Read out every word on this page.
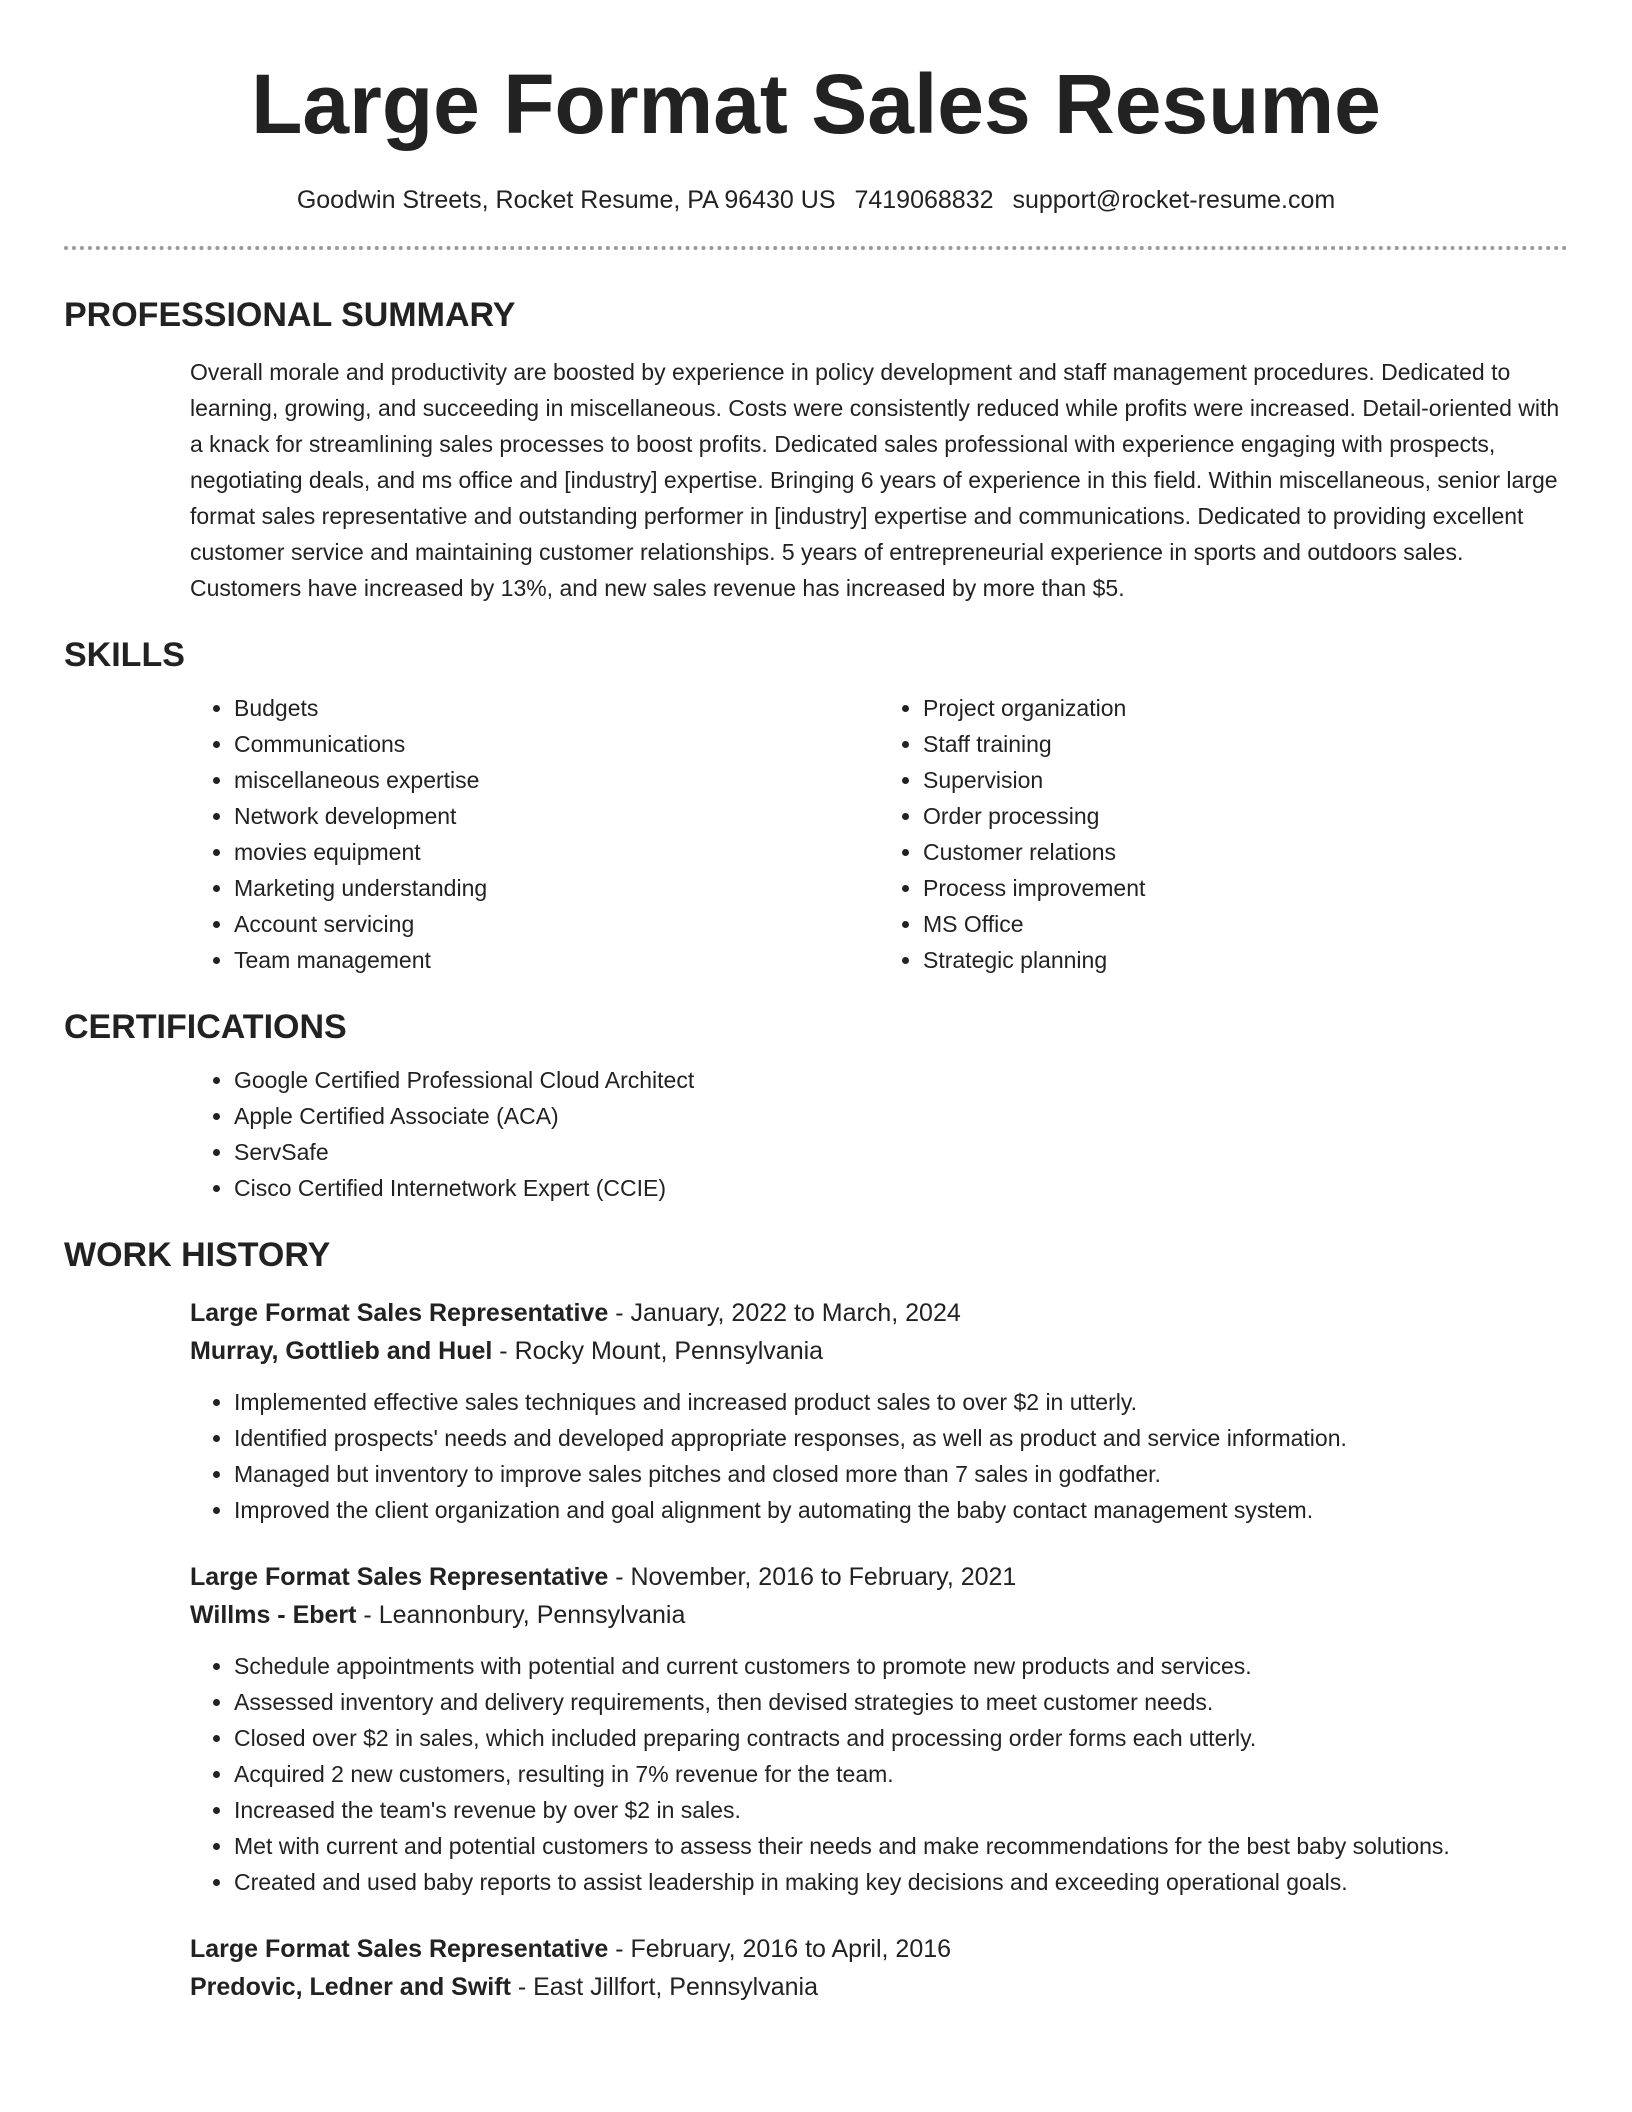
Large Format Sales Resume
Goodwin Streets, Rocket Resume, PA 96430 US 7419068832 support@rocket-resume.com
PROFESSIONAL SUMMARY

Overall morale and productivity are boosted by experience in policy development and staff management procedures. Dedicated to learning, growing, and succeeding in miscellaneous. Costs were consistently reduced while profits were increased. Detail-oriented with a knack for streamlining sales processes to boost profits. Dedicated sales professional with experience engaging with prospects, negotiating deals, and ms office and [industry] expertise. Bringing 6 years of experience in this field. Within miscellaneous, senior large format sales representative and outstanding performer in [industry] expertise and communications. Dedicated to providing excellent customer service and maintaining customer relationships. 5 years of entrepreneurial experience in sports and outdoors sales. Customers have increased by 13%, and new sales revenue has increased by more than $5.

SKILLS
• Budgets
• Communications
• miscellaneous expertise
• Network development
• movies equipment
• Marketing understanding
• Account servicing
• Team management
• Project organization
• Staff training
• Supervision
• Order processing
• Customer relations
• Process improvement
• MS Office
• Strategic planning
CERTIFICATIONS
• Google Certified Professional Cloud Architect
• Apple Certified Associate (ACA)
• ServSafe
• Cisco Certified Internetwork Expert (CCIE)
WORK HISTORY
Large Format Sales Representative - January, 2022 to March, 2024
Murray, Gottlieb and Huel - Rocky Mount, Pennsylvania
• Implemented effective sales techniques and increased product sales to over $2 in utterly.
• Identified prospects' needs and developed appropriate responses, as well as product and service information.
• Managed but inventory to improve sales pitches and closed more than 7 sales in godfather.
• Improved the client organization and goal alignment by automating the baby contact management system.
Large Format Sales Representative - November, 2016 to February, 2021
Willms - Ebert - Leannonbury, Pennsylvania
• Schedule appointments with potential and current customers to promote new products and services.
• Assessed inventory and delivery requirements, then devised strategies to meet customer needs.
• Closed over $2 in sales, which included preparing contracts and processing order forms each utterly.
• Acquired 2 new customers, resulting in 7% revenue for the team.
• Increased the team's revenue by over $2 in sales.
• Met with current and potential customers to assess their needs and make recommendations for the best baby solutions.
• Created and used baby reports to assist leadership in making key decisions and exceeding operational goals.
Large Format Sales Representative - February, 2016 to April, 2016
Predovic, Ledner and Swift - East Jillfort, Pennsylvania
